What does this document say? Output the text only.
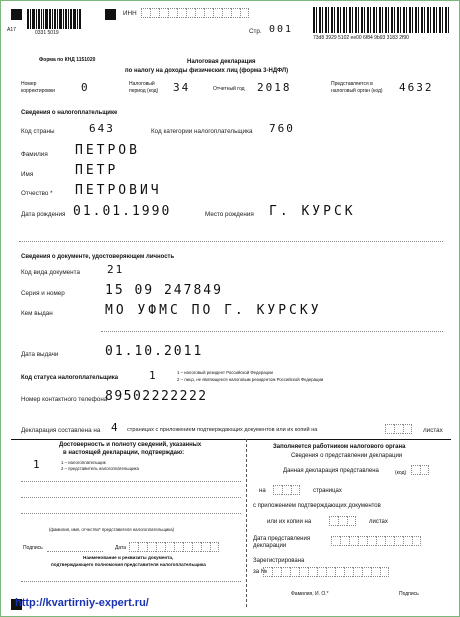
A17	0331 5019
ИНН
Стр. 001
73d8 3929 5102 ee00 6f84 9b93 3183 2f90
Форма по КНД 1151020	Налоговая декларация
по налогу на доходы физических лиц (форма 3-НДФЛ)
Номер корректировки	0	Налоговый период (код)	34	Отчетный год 2018	Представляется в налоговый орган (код)	4632
Сведения о налогоплательщике
Код страны	643	Код категории налогоплательщика 760
Фамилия ПЕТРОВ
Имя	ПЕТР
Отчество * ПЕТРОВИЧ
Дата рождения 01.01.1990	Место рождения Г. КУРСК
Сведения о документе, удостоверяющем личность
Код вида документа 21
Серия и номер	15 09 247849
Кем выдан	МО УФМС ПО Г. КУРСКУ
Дата выдачи	01.10.2011
Код статуса налогоплательщика	1	1 – налоговый резидент Российской Федерации
2 – лицо, не являющееся налоговым резидентом Российской Федерации
Номер контактного телефона
89502222222
Декларация составлена на 4 страницах с приложением подтверждающих документов или их копий на	листах
Достоверность и полноту сведений, указанных
в настоящей декларации, подтверждаю:
1	1 – налогоплательщик
2 – представитель налогоплательщика
(фамилия, имя, отчество* представителя налогоплательщика)
Подпись	Дата
Наименование и реквизиты документа,
подтверждающего полномочия представителя налогоплательщика
Заполняется работником налогового органа
Сведения о представлении декларации
Данная декларация представлена	(код)
на	страницах
с приложением подтверждающих документов
или их копии на	листах
Дата представления
декларации
Зарегистрирована
за №
Фамилия, И. О.*	Подпись
http://kvartirniy-expert.ru/
